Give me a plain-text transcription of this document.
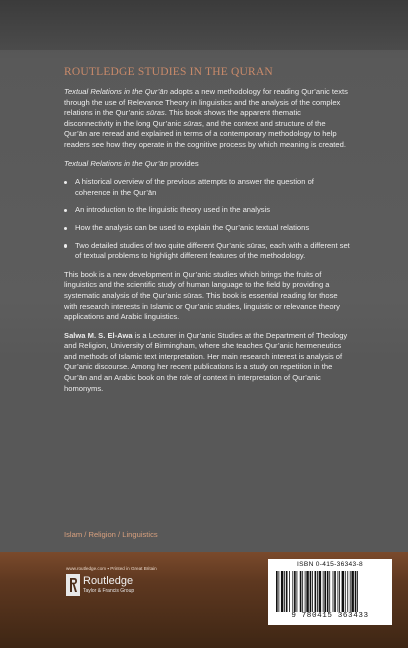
ROUTLEDGE STUDIES IN THE QURAN

Textual Relations in the Qur’ān adopts a new methodology for reading Qur’anic texts through the use of Relevance Theory in linguistics and the analysis of the complex relations in the Qur’anic sūras. This book shows the apparent thematic disconnectivity in the long Qur’anic sūras, and the context and structure of the Qur’ān are reread and explained in terms of a contemporary methodology to help readers see how they operate in the cognitive process by which meaning is created.

Textual Relations in the Qur’ān provides

A historical overview of the previous attempts to answer the question of coherence in the Qur’ān
An introduction to the linguistic theory used in the analysis
How the analysis can be used to explain the Qur’anic textual relations
Two detailed studies of two quite different Qur’anic sūras, each with a different set of textual problems to highlight different features of the methodology.

This book is a new development in Qur’anic studies which brings the fruits of linguistics and the scientific study of human language to the field by providing a systematic analysis of the Qur’anic sūras. This book is essential reading for those with research interests in Islamic or Qur’anic studies, linguistic or relevance theory applications and Arabic linguistics.

Salwa M. S. El-Awa is a Lecturer in Qur’anic Studies at the Department of Theology and Religion, University of Birmingham, where she teaches Qur’anic hermeneutics and methods of Islamic text interpretation. Her main research interest is analysis of Qur’anic discourse. Among her recent publications is a study on repetition in the Qur’ān and an Arabic book on the role of context in interpretation of Qur’anic homonyms.

Islam / Religion / Linguistics
www.routledge.com ▪ Printed in Great Britain
Routledge
Taylor & Francis Group
ISBN 0-415-36343-8
9 780415 363433
